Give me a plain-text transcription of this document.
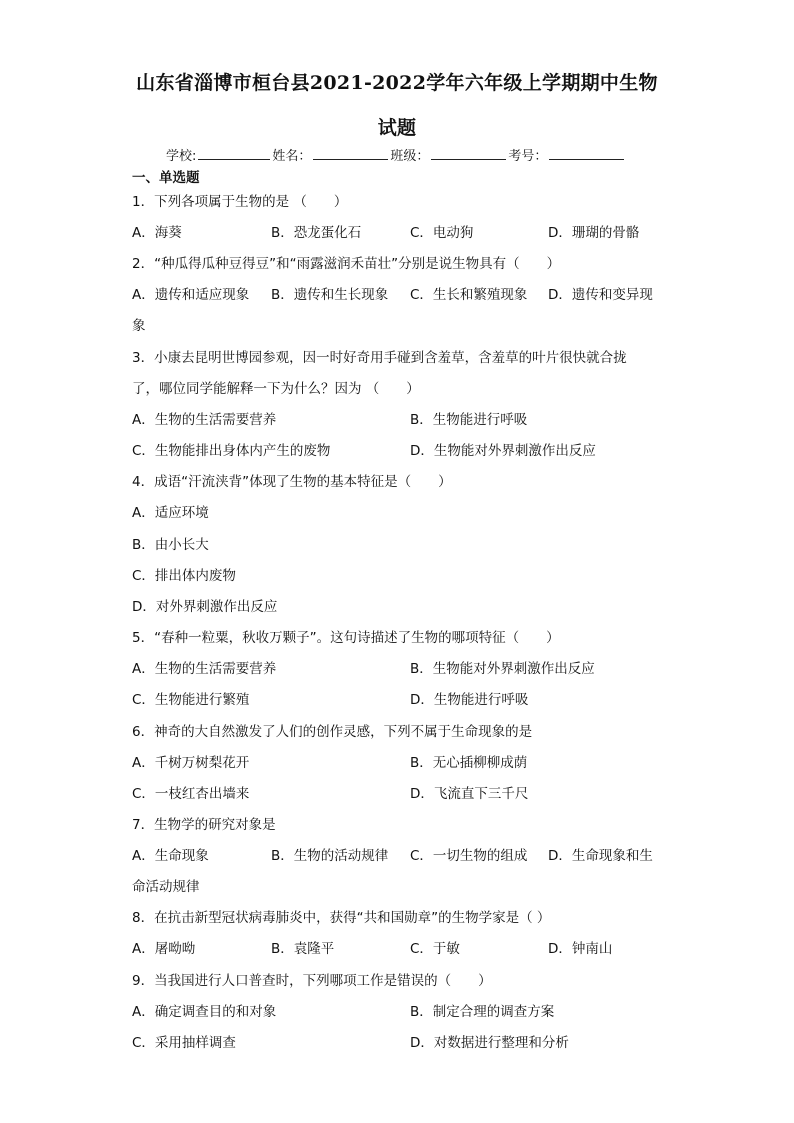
山东省淄博市桓台县2021-2022学年六年级上学期期中生物
试题
学校:	姓名：	班级：	考号：
一、单选题
1．下列各项属于生物的是 （　　）
A．海葵	B．恐龙蛋化石	C．电动狗	D．珊瑚的骨骼
2．“种瓜得瓜种豆得豆”和“雨露滋润禾苗壮”分别是说生物具有（　　）
A．遗传和适应现象 B．遗传和生长现象 C．生长和繁殖现象 D．遗传和变异现
象
3．小康去昆明世博园参观，因一时好奇用手碰到含羞草，含羞草的叶片很快就合拢
了，哪位同学能解释一下为什么？因为 （　　）
A．生物的生活需要营养	B．生物能进行呼吸
C．生物能排出身体内产生的废物	D．生物能对外界刺激作出反应
4．成语“汗流浃背”体现了生物的基本特征是（　　）
A．适应环境
B．由小长大
C．排出体内废物
D．对外界刺激作出反应
5．“春种一粒粟，秋收万颗子”。这句诗描述了生物的哪项特征（　　）
A．生物的生活需要营养	B．生物能对外界刺激作出反应
C．生物能进行繁殖	D．生物能进行呼吸
6．神奇的大自然激发了人们的创作灵感，下列不属于生命现象的是
A．千树万树梨花开	B．无心插柳柳成荫
C．一枝红杏出墙来	D．飞流直下三千尺
7．生物学的研究对象是
A．生命现象	B．生物的活动规律 C．一切生物的组成 D．生命现象和生
命活动规律
8．在抗击新型冠状病毒肺炎中，获得“共和国勋章”的生物学家是（ ）
A．屠呦呦	B．袁隆平	C．于敏	D．钟南山
9．当我国进行人口普查时，下列哪项工作是错误的（　　）
A．确定调查目的和对象	B．制定合理的调查方案
C．采用抽样调查	D．对数据进行整理和分析
